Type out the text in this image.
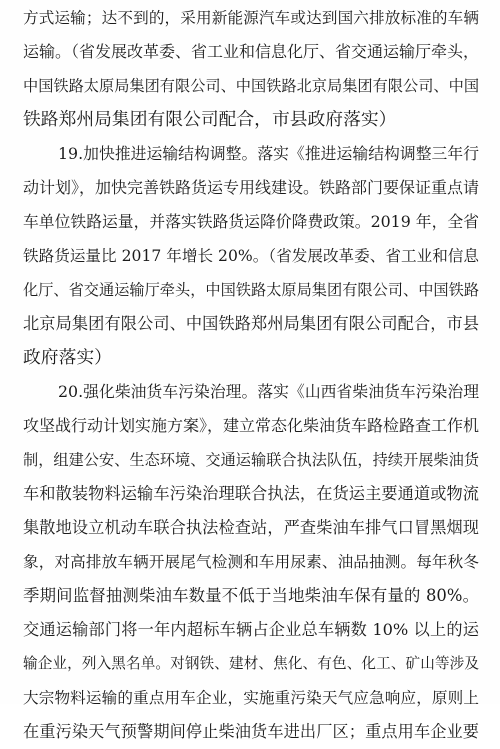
方式运输；达不到的，采用新能源汽车或达到国六排放标准的车辆
运输。（省发展改革委、省工业和信息化厅、省交通运输厅牵头，
中国铁路太原局集团有限公司、中国铁路北京局集团有限公司、中国
铁路郑州局集团有限公司配合，市县政府落实）
19.加快推进运输结构调整。落实《推进运输结构调整三年行
动计划》，加快完善铁路货运专用线建设。铁路部门要保证重点请
车单位铁路运量，并落实铁路货运降价降费政策。2019 年，全省
铁路货运量比 2017 年增长 20%。（省发展改革委、省工业和信息
化厅、省交通运输厅牵头，中国铁路太原局集团有限公司、中国铁路
北京局集团有限公司、中国铁路郑州局集团有限公司配合，市县
政府落实）
20.强化柴油货车污染治理。落实《山西省柴油货车污染治理
攻坚战行动计划实施方案》，建立常态化柴油货车路检路查工作机
制，组建公安、生态环境、交通运输联合执法队伍，持续开展柴油货
车和散装物料运输车污染治理联合执法，在货运主要通道或物流
集散地设立机动车联合执法检查站，严查柴油车排气口冒黑烟现
象，对高排放车辆开展尾气检测和车用尿素、油品抽测。每年秋冬
季期间监督抽测柴油车数量不低于当地柴油车保有量的 80%。
交通运输部门将一年内超标车辆占企业总车辆数 10% 以上的运
输企业，列入黑名单。对钢铁、建材、焦化、有色、化工、矿山等涉及
大宗物料运输的重点用车企业，实施重污染天气应急响应，原则上
在重污染天气预警期间停止柴油货车进出厂区；重点用车企业要
